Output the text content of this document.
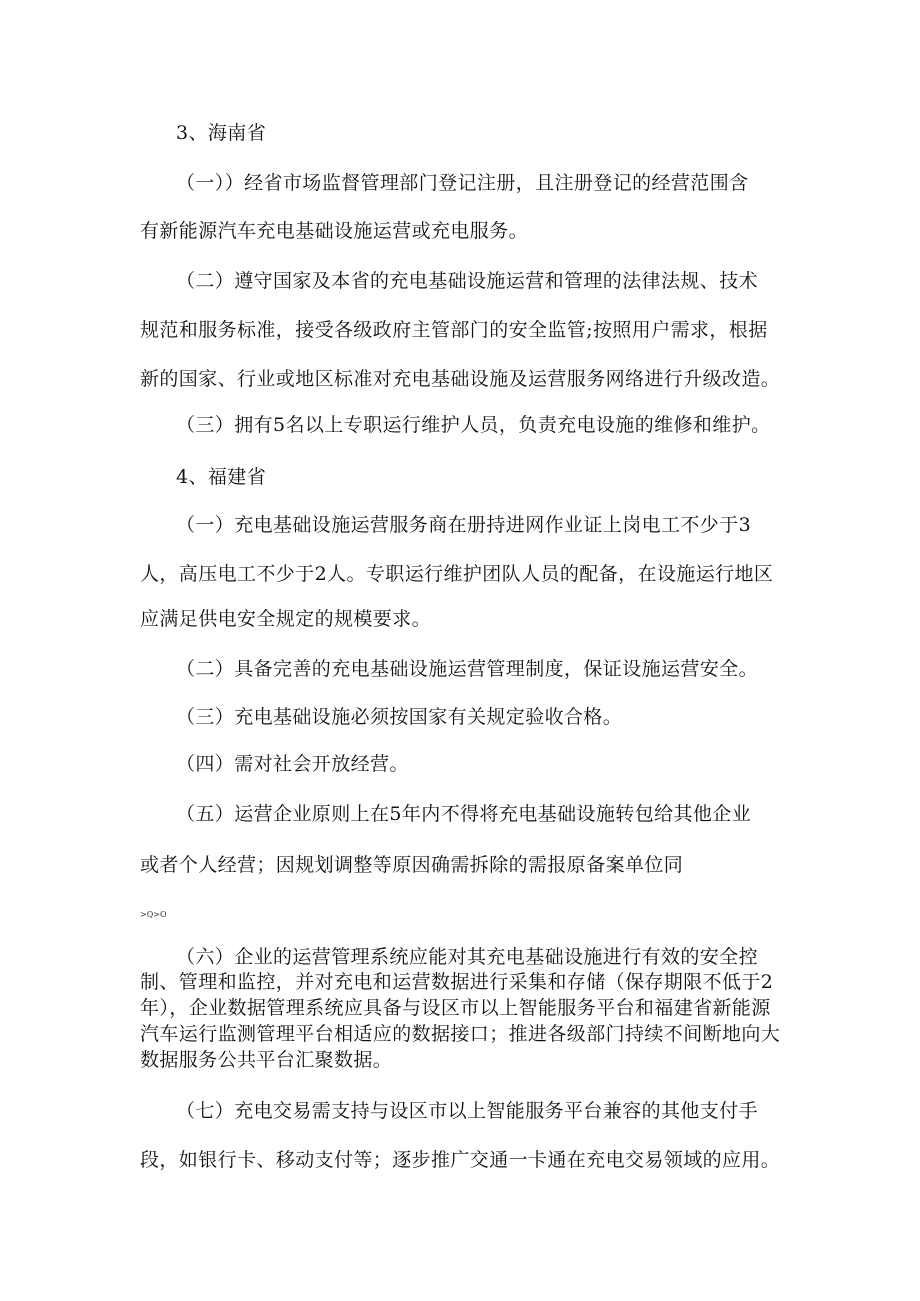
3、海南省
（一））经省市场监督管理部门登记注册，且注册登记的经营范围含
有新能源汽车充电基础设施运营或充电服务。
（二）遵守国家及本省的充电基础设施运营和管理的法律法规、技术
规范和服务标准，接受各级政府主管部门的安全监管;按照用户需求，根据
新的国家、行业或地区标准对充电基础设施及运营服务网络进行升级改造。
（三）拥有5名以上专职运行维护人员，负责充电设施的维修和维护。
4、福建省
（一）充电基础设施运营服务商在册持进网作业证上岗电工不少于3
人，高压电工不少于2人。专职运行维护团队人员的配备，在设施运行地区
应满足供电安全规定的规模要求。
（二）具备完善的充电基础设施运营管理制度，保证设施运营安全。
（三）充电基础设施必须按国家有关规定验收合格。
（四）需对社会开放经营。
（五）运营企业原则上在5年内不得将充电基础设施转包给其他企业
或者个人经营；因规划调整等原因确需拆除的需报原备案单位同
>Q>O
（六）企业的运营管理系统应能对其充电基础设施进行有效的安全控
制、管理和监控，并对充电和运营数据进行采集和存储（保存期限不低于2
年），企业数据管理系统应具备与设区市以上智能服务平台和福建省新能源
汽车运行监测管理平台相适应的数据接口；推进各级部门持续不间断地向大
数据服务公共平台汇聚数据。
（七）充电交易需支持与设区市以上智能服务平台兼容的其他支付手
段，如银行卡、移动支付等；逐步推广交通一卡通在充电交易领域的应用。
